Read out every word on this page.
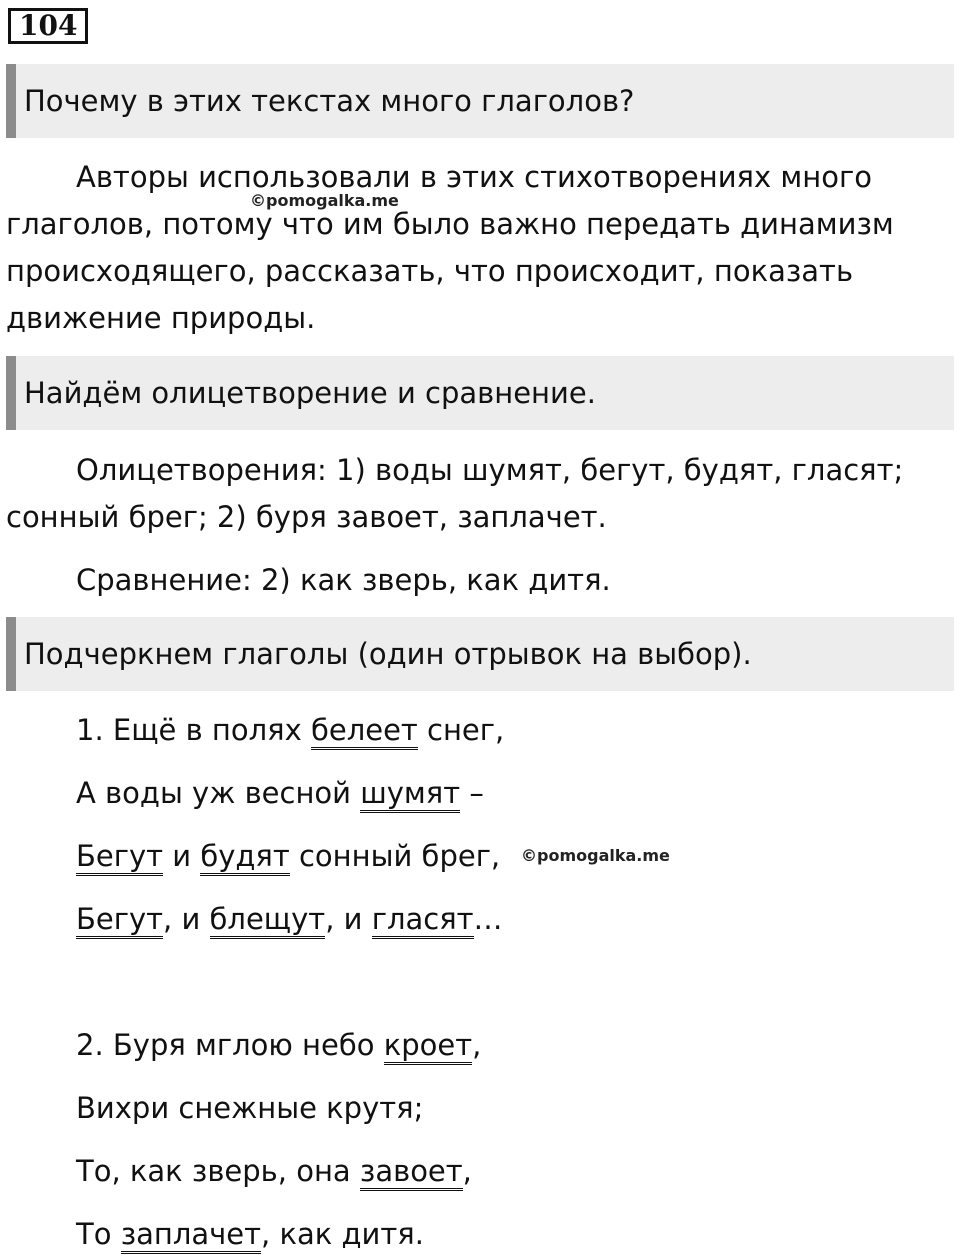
104
Почему в этих текстах много глаголов?

Авторы использовали в этих стихотворениях много глаголов, потому что им было важно передать динамизм происходящего, рассказать, что происходит, показать движение природы.

©pomogalka.me
Найдём олицетворение и сравнение.

Олицетворения: 1) воды шумят, бегут, будят, гласят; сонный брег; 2) буря завоет, заплачет.

Сравнение: 2) как зверь, как дитя.

Подчеркнем глаголы (один отрывок на выбор).
1. Ещё в полях белеет снег,
А воды уж весной шумят –
Бегут и будят сонный брег, ©pomogalka.me
Бегут, и блещут, и гласят…
2. Буря мглою небо кроет,
Вихри снежные крутя;
То, как зверь, она завоет,
То заплачет, как дитя.
